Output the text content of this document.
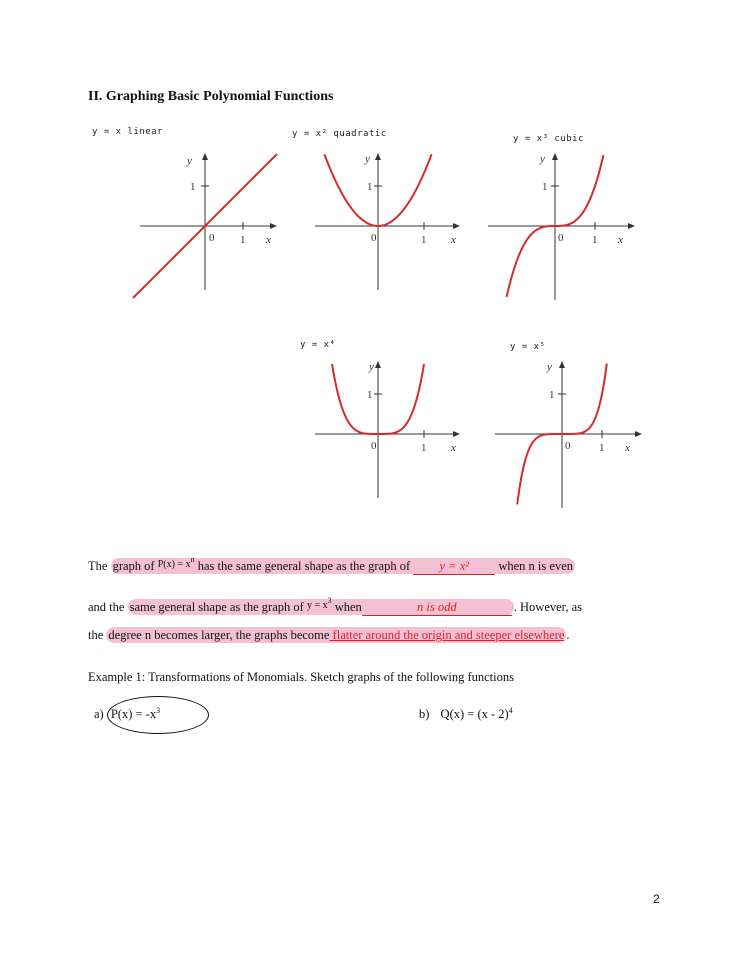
II. Graphing Basic Polynomial Functions
y = x linear	y = x² quadratic	y = x³ cubic
y = x⁴	y = x⁵
y
1
0 1 x
y
1
0	1 x
y
1
0	1 x
y
1
0	1 x
y
1
0	1 x
The graph of $^{P(x) = x^n}$ has the same general shape as the graph of y = x² when n is even
and the same general shape as the graph of $^{y = x^3}$ when	n is odd	. However, as
the degree n becomes larger, the graphs become flatter around the origin and steeper elsewhere .
Example 1: Transformations of Monomials. Sketch graphs of the following functions
a) $P(x) = -x^3$	b) Q(x) = (x - 2)$^4$
2
